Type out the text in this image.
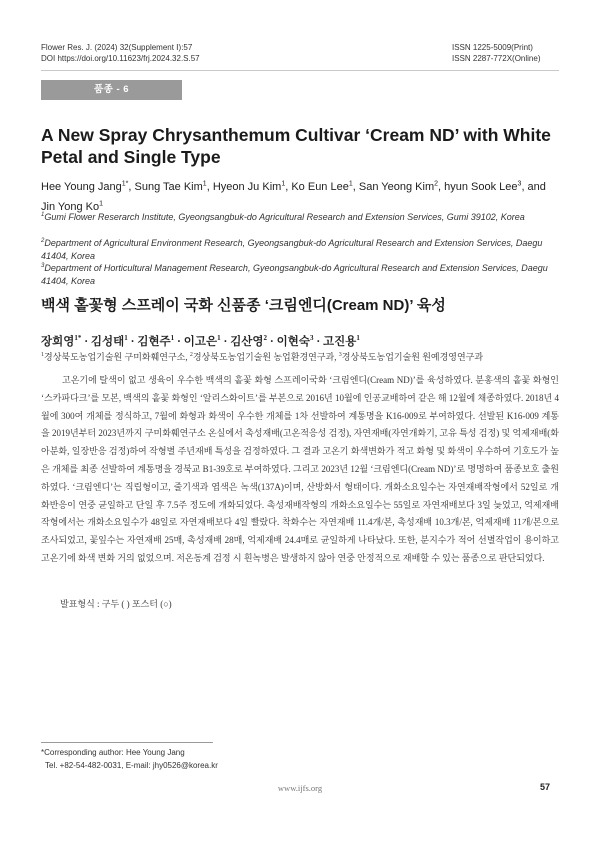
Flower Res. J. (2024) 32(Supplement Ⅰ):57
DOI https://doi.org/10.11623/frj.2024.32.S.57
ISSN 1225-5009(Print)
ISSN 2287-772X(Online)
품종 - 6
A New Spray Chrysanthemum Cultivar ‘Cream ND’ with White Petal and Single Type
Hee Young Jang$^{1*}$, Sung Tae Kim$^1$, Hyeon Ju Kim$^1$, Ko Eun Lee$^1$, San Yeong Kim$^2$, hyun Sook Lee$^3$, and Jin Yong Ko$^1$
$^1$Gumi Flower Reserarch Institute, Gyeongsangbuk-do Agricultural Research and Extension Services, Gumi 39102, Korea
$^2$Department of Agricultural Environment Research, Gyeongsangbuk-do Agricultural Research and Extension Services, Daegu 41404, Korea
$^3$Department of Horticultural Management Research, Gyeongsangbuk-do Agricultural Research and Extension Services, Daegu 41404, Korea
백색 홑꽃형 스프레이 국화 신품종 ‘크림엔디(Cream ND)’ 육성
장희영$^{1*}$ · 김성태$^1$ · 김현주$^1$ · 이고은$^1$ · 김산영$^2$ · 이현숙$^3$ · 고진용$^1$
$^1$경상북도농업기술원 구미화훼연구소, $^2$경상북도농업기술원 농업환경연구과, $^3$경상북도농업기술원 원예경영연구과
고온기에 탈색이 없고 생육이 우수한 백색의 홑꽃 화형 스프레이국화 ‘크림엔디(Cream ND)’를 육성하였다. 분홍색의 홑꽃 화형인 ‘스카파다크’를 모본, 백색의 홑꽃 화형인 ‘알리스화이트’를 부본으로 2016년 10월에 인공교배하여 같은 해 12월에 채종하였다. 2018년 4월에 300여 개체를 정식하고, 7월에 화형과 화색이 우수한 개체를 1차 선발하여 계통명을 K16-009로 부여하였다. 선발된 K16-009 계통을 2019년부터 2023년까지 구미화훼연구소 온실에서 촉성재배(고온적응성 검정), 자연재배(자연개화기, 고유 특성 검정) 및 억제재배(화아분화, 일장반응 검정)하여 작형별 주년재배 특성을 검정하였다. 그 결과 고온기 화색변화가 적고 화형 및 화색이 우수하여 기호도가 높은 개체를 최종 선발하여 계통명을 경북교 B1-39호로 부여하였다. 그리고 2023년 12월 ‘크림엔디(Cream ND)’로 명명하여 품종보호 출원하였다. ‘크림엔디’는 직립형이고, 줄기색과 엽색은 녹색(137A)이며, 산방화서 형태이다. 개화소요일수는 자연재배작형에서 52일로 개화반응이 연중 균일하고 단일 후 7.5주 정도에 개화되었다. 촉성재배작형의 개화소요일수는 55일로 자연재배보다 3일 늦었고, 억제재배작형에서는 개화소요일수가 48일로 자연재배보다 4일 빨랐다. 착화수는 자연재배 11.4개/본, 촉성재배 10.3개/본, 억제재배 11개/본으로 조사되었고, 꽃잎수는 자연재배 25매, 촉성재배 28매, 억제재배 24.4매로 균일하게 나타났다. 또한, 분지수가 적어 선별작업이 용이하고 고온기에 화색 변화 거의 없었으며. 저온동계 검정 시 흰녹병은 발생하지 않아 연중 안정적으로 재배할 수 있는 품종으로 판단되었다.
발표형식 : 구두 ( ) 포스터 (○)
*Corresponding author: Hee Young Jang
Tel. +82-54-482-0031, E-mail: jhy0526@korea.kr
www.ijfs.org	57
